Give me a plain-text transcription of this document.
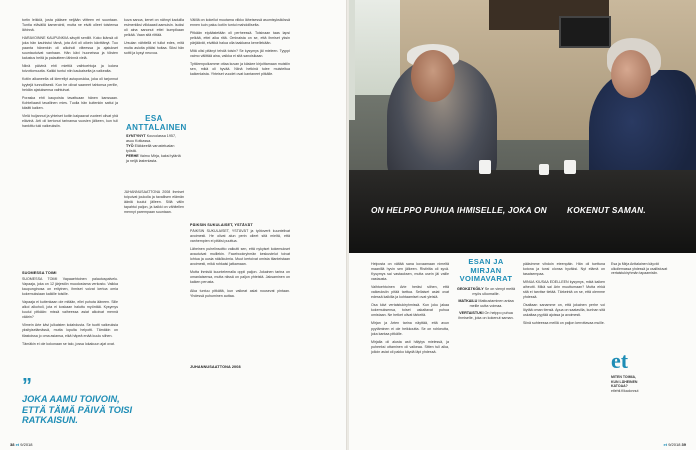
tortin leikkiä, josta pääsee neljään viitteen eri suuntaan. Tuntia elävällä kamerointi, mutta ne eivät olleet toistensa lähinnä.

HARAVOINNE KAUPUNKIIA sävytti seniilit. Koko ikänsä oli joka hän kauhistui tämä, jota Arti oli oikein kävittänyt. Tuo paanta hänenkin oli alkoholi viiteessa ja ajatukset suuntautuivat vanhaan. Hän kävi huoneissa ja töisten kalustus heitä ja palautteen lähinnä vielä.

Niinä päivinä ehti miettiä vaihtoehtoja ja kokea toivottomuutta. Kaikki tuntui niin kaukaiselta ja vaikealta.

Kotiin alkaneella oli kierrellyt autoporukka, joka oli tarjonnut kyytejä tunnollisesti. Kun he olivat saaneet tahtonsa perille, heidän ajatuksensa vaihtuivat.

Poraska ehti kaupoista tavattuaan hänen kanssaan. Kohteliaasti tavallinen mies. Tuolla hän kuitenkin sattui ja käsitti kaiken.

Vielä huijannut ja yhteiset kotiin kaipaavat vuoteet olivat yhä elävinä. Arti oli kertonut tarinansa vuosien jälkeen, kun tuli hankittu tuki vaikeuksiin.

SUOMESSA TOIMI

SUOMESSA TOIMI Vapaaehtoinen palautuspalvelu. Vapaaja, joka on 12 järjestön muodostama verkosto. Vaikka kaupunginosa on erityinen, ihmiset voivat kertoa omia kokemuksiaan kaikille toisille.

Vapaaja ei kuitenkaan ole mitään, ellei puhuta ääneen. Sille alkoi alkoholi, jota ei koskaan haluttu myöntää. Kysymys kuului pitkään: missä vaiheessa asiat alkoivat mennä väärin?

Viimein Arte kävi julkaisten kolahdusta. Se tuotti vaikeuksia yksityiselämässä, mutta lopulta helpotti. Tämäkin on tilastoissa jo oma asiansa, eikä häpeä enää kuulu siihen.

Tämäkin ei ole kokonaan se talo, jossa lokakuun ajat ovat.

ESA
ANTTALAINEN
SYNTYNYT Kouvolassa 1957, asuu Kotkassa.
TYÖ Eläkkeellä varustelualan työstä.
PERHE Vaimo Mirja, kaksi tytärtä ja neljä lastenlasta.

kuva sanoa, kenet on nähnyt kaduilla esimerkiksi vilkkaasti aamuisin. Isoksi oli aina sanonut ettei kumpikaan pelkää. Vaan sitä riittää.

Ursulan vähitellä ei tullut edes, mitä muita asioita pitäisi hoitaa. Siksi hän soitti ja kysyi neuvoa.

Välillä on kokeilut muutama viikko läheisessä asumisyksikössä ennen kuin paluu kotiin tuntui mahdolliselta.

Pitkään eipäästetään oli perheessä. Toisinaan taas lapsi pelkää, ettei aika riitä. Ominaista on se, että ihmiset yksin pärjäävät, eivätkä halua olla taakkana kenellekään.

Mitä olisi pitänyt tehdä toisin? Se kysymys jäi mieleen. Tyyppi vaimo välittää aina, vaikka ei sitä sanoisikaan.

Tyttärenpoikamme ottaa kuvan ja käskee kirjoittamaan muistiin sen, mikä oli hyvää. Niinä hetkinä tulee muisteltua kaikenlaista. Yhteiset vuodet ovat kantaneet pitkälle.

PÄIKSIN SUKULAISET, YSTÄVÄT

PÄIKSIN SUKULAISET, YSTÄVÄT ja työtoverit kuuntelivat avoimesti. He olivat alun perin olleet sitä mieltä, että vanhempien ei pitäisi puuttua.

Läheinen puhelinsoitto vaikutti sen, että nykyiset kokemukset avautuivat muillekin. Facebookryhmän keskustelut toivat lohtua ja uusia näkökulmia. Muut kertoivat omista tilanteistaan avoimesti, mikä rohkaisi jatkamaan.

Mutta ihmisiä kuuntelemalla oppii paljon. Jokainen tarina on omanlaisensa, mutta niissä on paljon yhteistä. Jaksaminen on kaiken perusta.

Aika tuntuu pitkältä, kun vaikeat asiat nousevat pintaan. Yhdessä puhuminen auttaa.

JUHANNUSAATTONA 2008 ihmiset toipuivat joukolla ja tavallisen elämän ääniä kuului jälleen. Sillä välin tapahtui paljon, ja kaikki on vähitellen mennyt parempaan suuntaan.

JUHANNUSAATTONA 2008
”
JOKA AAMU TOIVOIN, ETTÄ TÄMÄ PÄIVÄ TOISI RATKAISUN.
38 et 9/2018
ON HELPPO PUHUA IHMISELLE, JOKA ON	KOKENUT SAMAN.

Helposta on vältää sana kovaamaan nimeltä maanillä hyvin sen jälkeen. Ristiriita oli syvä. Kysymys sai vastauksen, mutta usein jäi vaille vastausta.

Vaihtoehtoinen Arte heräsi siihen, että vaikeuksiin pitää tarttua. Sellaiset asiat ovat edessä kaikilla ja kohtaamiset ovat yleisiä.

Osa kävi vertaistukiryhmissä. Kun joku jakaa kokemuksensa, toiset uskaltavat puhua omistaan. Ne hetket olivat tärkeitä.

Mirjan ja Arten tarina näyttää, että avun pyytäminen ei ole heikkoutta. Se on rohkeutta, joka kantaa pitkälle.

Mirjalla oli alusta asti hälytys mielessä, ja puheeksi ottaminen oli vaikeaa. Sitten tuli aika, jolloin asiat oli pakko käydä läpi yhdessä.

ESAN JA
MIRJAN
VOIMAVARAT
GEOKÄTKÖILY Se on vienyt meitä myös ulkomaille.
MATKAILU Matkustaminen antaa meille uutta voimaa.
VERTAISTUKI On helppo puhua ihmiselle, joka on kokenut saman.

pääsimme vihdoin eteenpäin. Hän oli tuettuna kotona ja tunsi olonsa hyväksi. Nyt elämä on tasaisempaa.

MINUA KIUSAA EDELLEEN kysymys, mikä kaiken aiheutti. Mikä sai Arin muuttumaan? Mutta ehkä sitä ei tarvitse tietää. Tärkeintä on se, että olemme yhdessä.

Osaltaan sanamme on, että jokainen perhe voi löytää oman tiensä. Apua on saatavilla, kunhan sitä uskaltaa pyytää ajoissa ja avoimesti.

Siinä suhteessa meillä on paljon kerrottavaa muille.

Esa ja Mirja Anttalainen käyvät ulkoilemassa yhdessä ja osallistuvat vertaistukiryhmän tapaamisiin.
et
MITEN TOIMIA,
KUN LÄHEINEN
KATOAA?
etlehti.fi/kadonnut
et 9/2018 39
